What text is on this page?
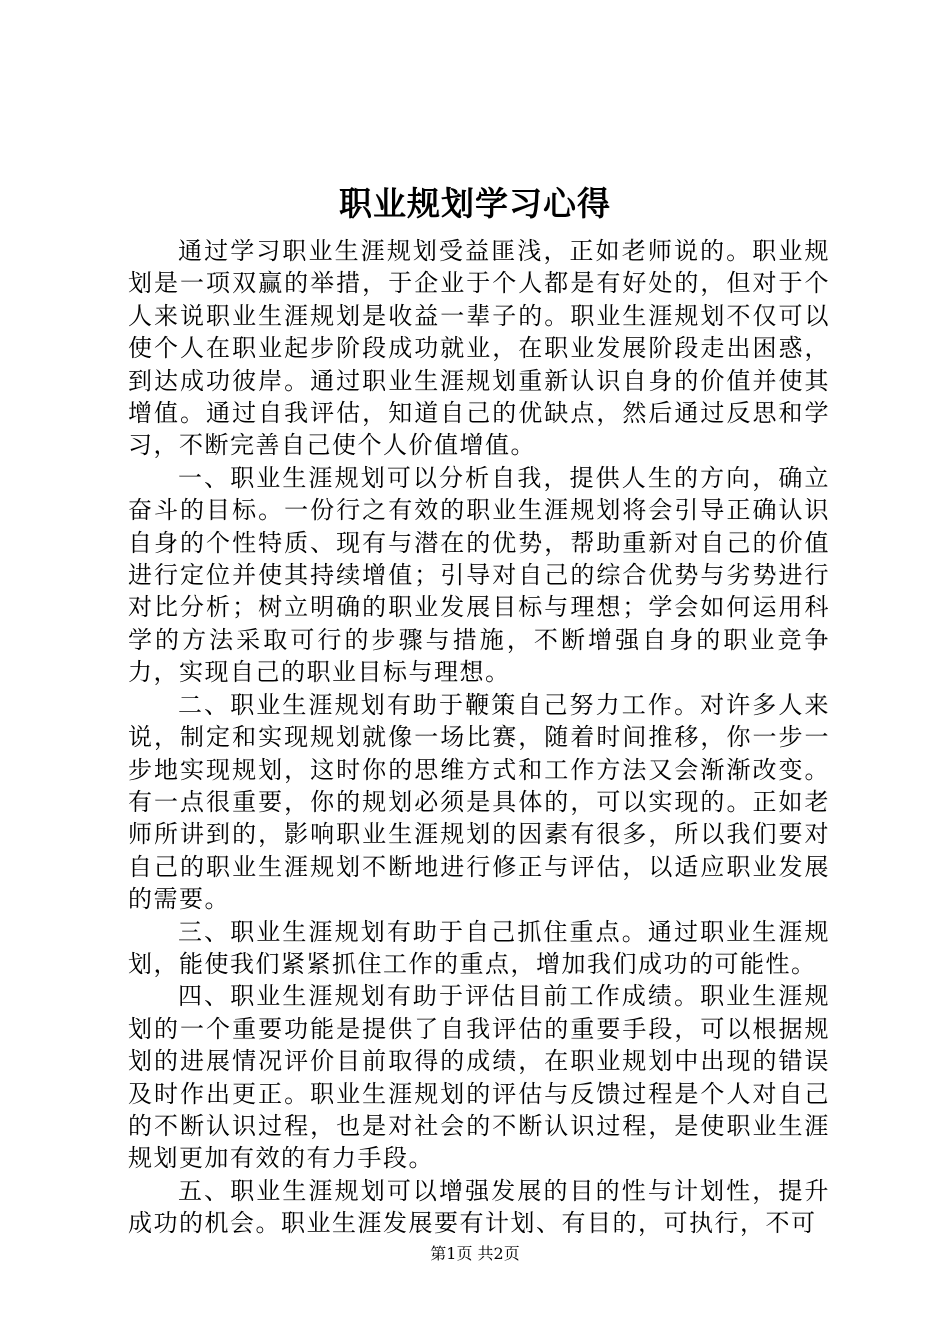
职业规划学习心得

通过学习职业生涯规划受益匪浅，正如老师说的。职业规划是一项双赢的举措，于企业于个人都是有好处的，但对于个人来说职业生涯规划是收益一辈子的。职业生涯规划不仅可以使个人在职业起步阶段成功就业，在职业发展阶段走出困惑，到达成功彼岸。通过职业生涯规划重新认识自身的价值并使其增值。通过自我评估，知道自己的优缺点，然后通过反思和学习，不断完善自己使个人价值增值。

一、职业生涯规划可以分析自我，提供人生的方向，确立奋斗的目标。一份行之有效的职业生涯规划将会引导正确认识自身的个性特质、现有与潜在的优势，帮助重新对自己的价值进行定位并使其持续增值；引导对自己的综合优势与劣势进行对比分析；树立明确的职业发展目标与理想；学会如何运用科学的方法采取可行的步骤与措施，不断增强自身的职业竞争力，实现自己的职业目标与理想。

二、职业生涯规划有助于鞭策自己努力工作。对许多人来说，制定和实现规划就像一场比赛，随着时间推移，你一步一步地实现规划，这时你的思维方式和工作方法又会渐渐改变。有一点很重要，你的规划必须是具体的，可以实现的。正如老师所讲到的，影响职业生涯规划的因素有很多，所以我们要对自己的职业生涯规划不断地进行修正与评估，以适应职业发展的需要。

三、职业生涯规划有助于自己抓住重点。通过职业生涯规划，能使我们紧紧抓住工作的重点，增加我们成功的可能性。

四、职业生涯规划有助于评估目前工作成绩。职业生涯规划的一个重要功能是提供了自我评估的重要手段，可以根据规划的进展情况评价目前取得的成绩，在职业规划中出现的错误及时作出更正。职业生涯规划的评估与反馈过程是个人对自己的不断认识过程，也是对社会的不断认识过程，是使职业生涯规划更加有效的有力手段。

五、职业生涯规划可以增强发展的目的性与计划性，提升成功的机会。职业生涯发展要有计划、有目的，可执行，不可

第1页 共2页
